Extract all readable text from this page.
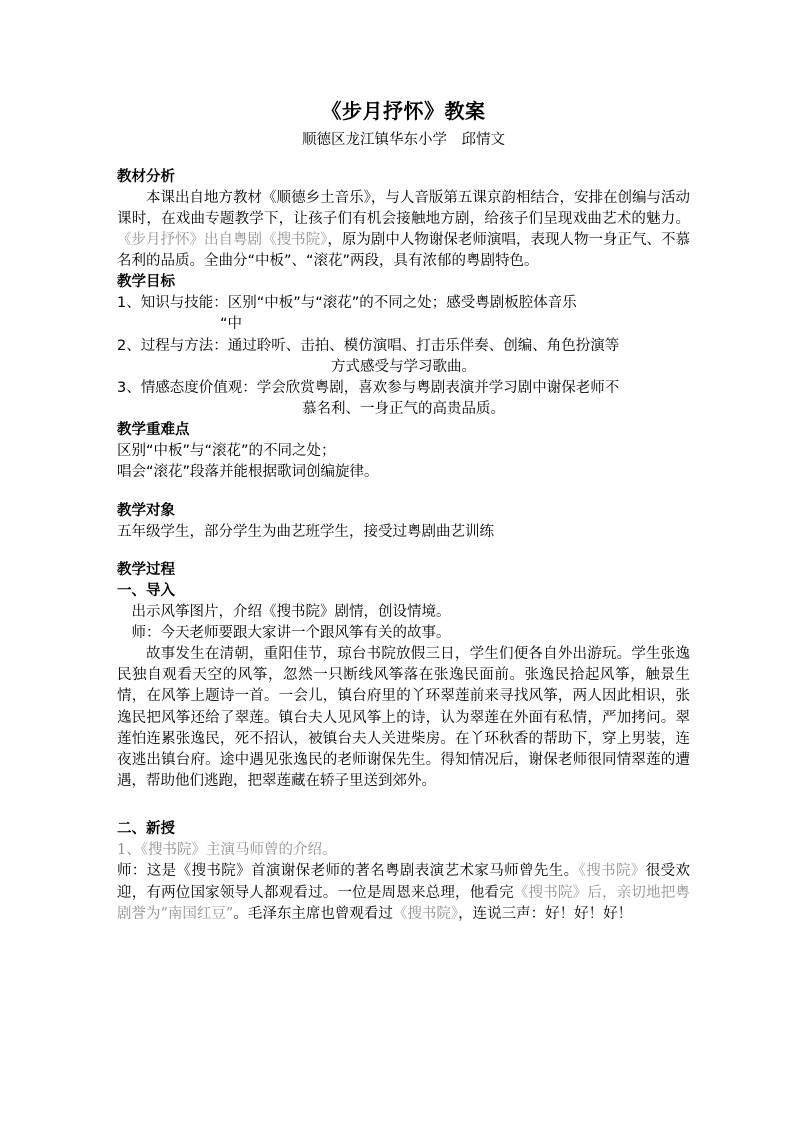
《步月抒怀》教案
顺德区龙江镇华东小学　邱情文
教材分析

本课出自地方教材《顺德乡土音乐》，与人音版第五课京韵相结合，安排在创编与活动课时，在戏曲专题教学下，让孩子们有机会接触地方剧，给孩子们呈现戏曲艺术的魅力。《步月抒怀》出自粤剧《搜书院》，原为剧中人物谢保老师演唱，表现人物一身正气、不慕名利的品质。全曲分“中板”、“滚花”两段，具有浓郁的粤剧特色。

教学目标

1、知识与技能：区别“中板”与“滚花”的不同之处；感受粤剧板腔体音乐
“中

2、过程与方法：通过聆听、击拍、模仿演唱、打击乐伴奏、创编、角色扮演等
方式感受与学习歌曲。

3、情感态度价值观：学会欣赏粤剧，喜欢参与粤剧表演并学习剧中谢保老师不
慕名利、一身正气的高贵品质。

教学重难点

区别“中板”与“滚花”的不同之处；

唱会“滚花”段落并能根据歌词创编旋律。

教学对象

五年级学生，部分学生为曲艺班学生，接受过粤剧曲艺训练

教学过程
一、导入

出示风筝图片，介绍《搜书院》剧情，创设情境。

师：今天老师要跟大家讲一个跟风筝有关的故事。

故事发生在清朝，重阳佳节，琼台书院放假三日，学生们便各自外出游玩。学生张逸民独自观看天空的风筝，忽然一只断线风筝落在张逸民面前。张逸民拾起风筝，触景生情，在风筝上题诗一首。一会儿，镇台府里的丫环翠莲前来寻找风筝，两人因此相识，张逸民把风筝还给了翠莲。镇台夫人见风筝上的诗，认为翠莲在外面有私情，严加拷问。翠莲怕连累张逸民，死不招认，被镇台夫人关进柴房。在丫环秋香的帮助下，穿上男装，连夜逃出镇台府。途中遇见张逸民的老师谢保先生。得知情况后，谢保老师很同情翠莲的遭遇，帮助他们逃跑，把翠莲藏在轿子里送到郊外。

二、新授

1、《搜书院》主演马师曾的介绍。

师：这是《搜书院》首演谢保老师的著名粤剧表演艺术家马师曾先生。《搜书院》很受欢迎，有两位国家领导人都观看过。一位是周恩来总理，他看完《搜书院》后，亲切地把粤剧誉为“南国红豆”。毛泽东主席也曾观看过《搜书院》，连说三声：好！好！好！
